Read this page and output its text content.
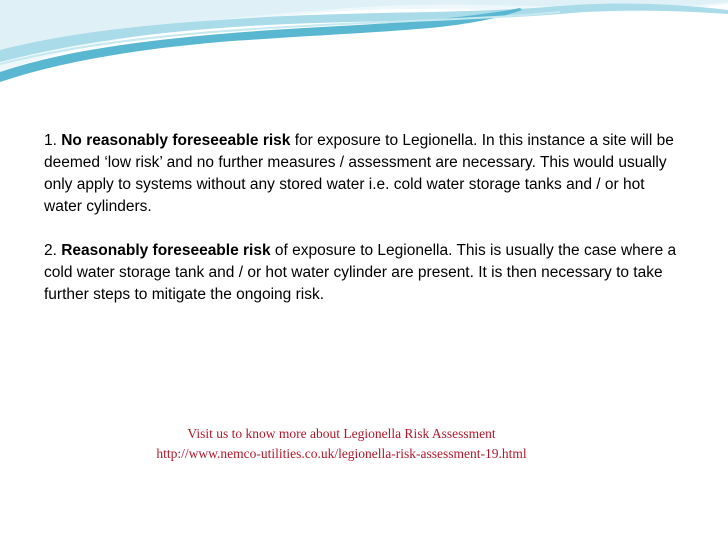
1. No reasonably foreseeable risk for exposure to Legionella. In this instance a site will be deemed ‘low risk’ and no further measures / assessment are necessary. This would usually only apply to systems without any stored water i.e. cold water storage tanks and / or hot water cylinders.

2. Reasonably foreseeable risk of exposure to Legionella. This is usually the case where a cold water storage tank and / or hot water cylinder are present. It is then necessary to take further steps to mitigate the ongoing risk.

Visit us to know more about Legionella Risk Assessment
http://www.nemco-utilities.co.uk/legionella-risk-assessment-19.html
